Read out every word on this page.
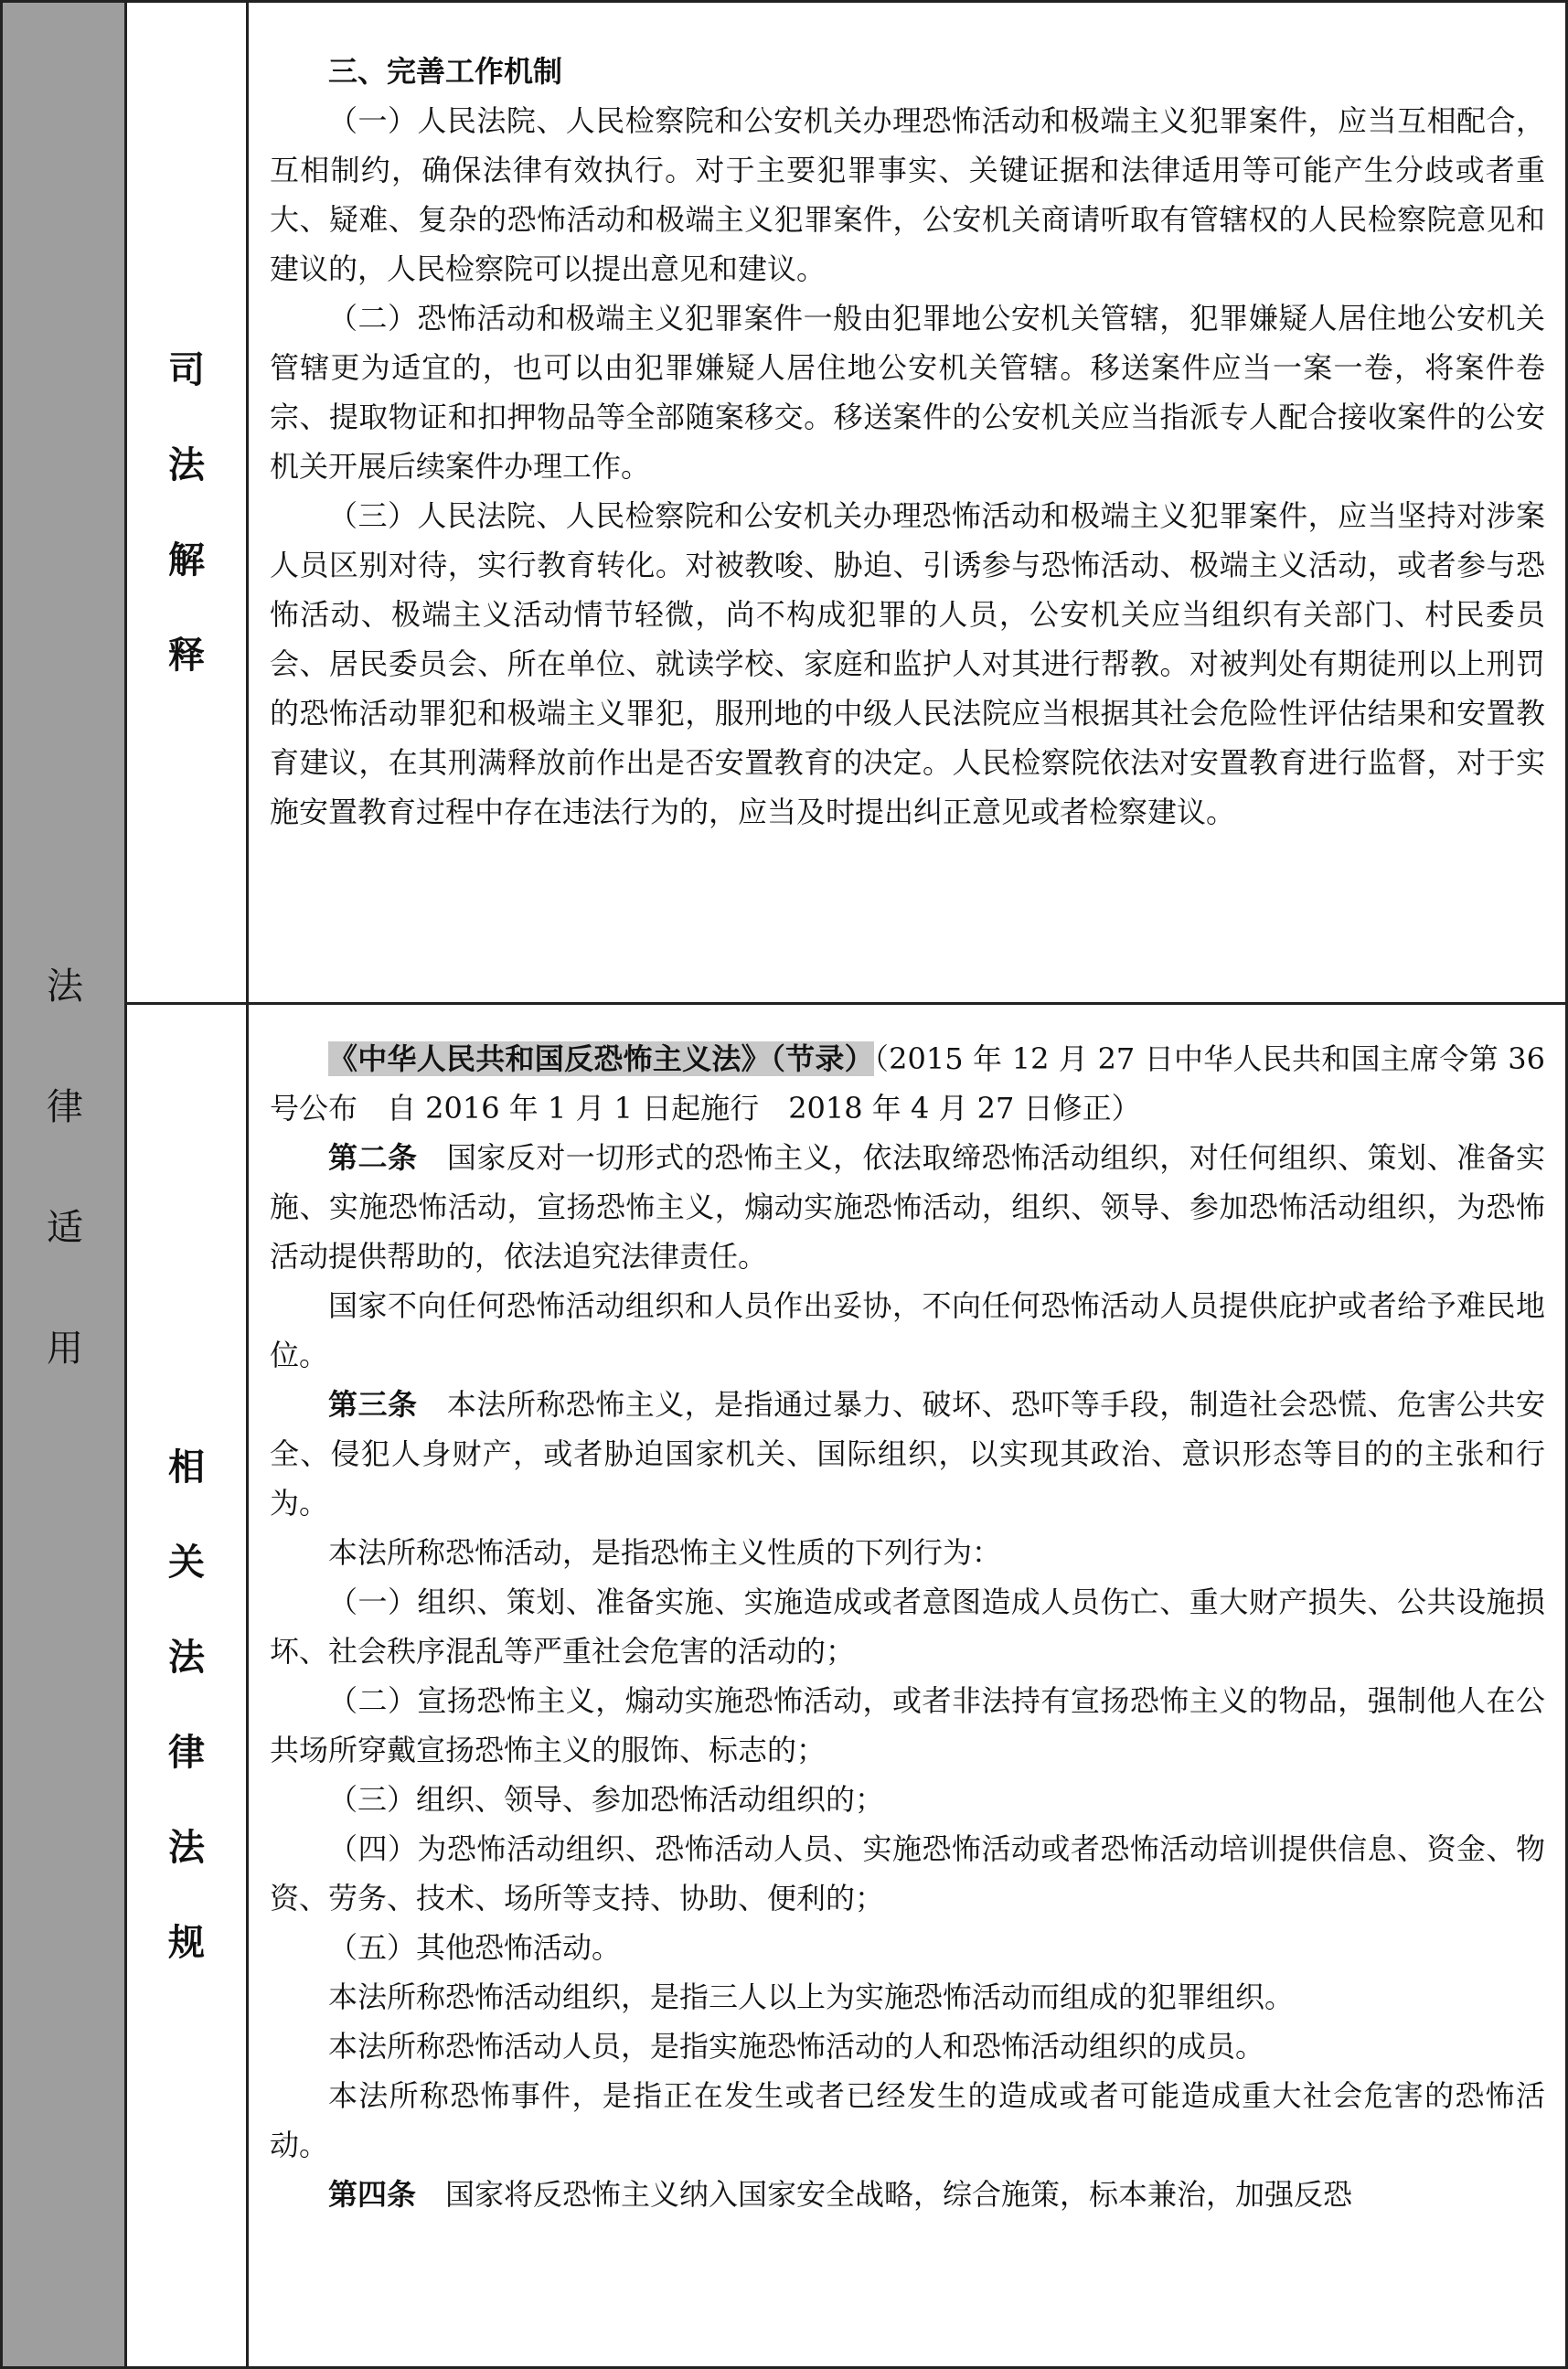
法
律
适
用
司
法
解
释
相
关
法
律
法
规

三、完善工作机制

（一）人民法院、人民检察院和公安机关办理恐怖活动和极端主义犯罪案件，应当互相配合，互相制约，确保法律有效执行。对于主要犯罪事实、关键证据和法律适用等可能产生分歧或者重大、疑难、复杂的恐怖活动和极端主义犯罪案件，公安机关商请听取有管辖权的人民检察院意见和建议的，人民检察院可以提出意见和建议。

（二）恐怖活动和极端主义犯罪案件一般由犯罪地公安机关管辖，犯罪嫌疑人居住地公安机关管辖更为适宜的，也可以由犯罪嫌疑人居住地公安机关管辖。移送案件应当一案一卷，将案件卷宗、提取物证和扣押物品等全部随案移交。移送案件的公安机关应当指派专人配合接收案件的公安机关开展后续案件办理工作。

（三）人民法院、人民检察院和公安机关办理恐怖活动和极端主义犯罪案件，应当坚持对涉案人员区别对待，实行教育转化。对被教唆、胁迫、引诱参与恐怖活动、极端主义活动，或者参与恐怖活动、极端主义活动情节轻微，尚不构成犯罪的人员，公安机关应当组织有关部门、村民委员会、居民委员会、所在单位、就读学校、家庭和监护人对其进行帮教。对被判处有期徒刑以上刑罚的恐怖活动罪犯和极端主义罪犯，服刑地的中级人民法院应当根据其社会危险性评估结果和安置教育建议，在其刑满释放前作出是否安置教育的决定。人民检察院依法对安置教育进行监督，对于实施安置教育过程中存在违法行为的，应当及时提出纠正意见或者检察建议。

《中华人民共和国反恐怖主义法》（节录）（2015 年 12 月 27 日中华人民共和国主席令第 36 号公布　自 2016 年 1 月 1 日起施行　2018 年 4 月 27 日修正）

第二条 国家反对一切形式的恐怖主义，依法取缔恐怖活动组织，对任何组织、策划、准备实施、实施恐怖活动，宣扬恐怖主义，煽动实施恐怖活动，组织、领导、参加恐怖活动组织，为恐怖活动提供帮助的，依法追究法律责任。

国家不向任何恐怖活动组织和人员作出妥协，不向任何恐怖活动人员提供庇护或者给予难民地位。

第三条 本法所称恐怖主义，是指通过暴力、破坏、恐吓等手段，制造社会恐慌、危害公共安全、侵犯人身财产，或者胁迫国家机关、国际组织，以实现其政治、意识形态等目的的主张和行为。

本法所称恐怖活动，是指恐怖主义性质的下列行为：

（一）组织、策划、准备实施、实施造成或者意图造成人员伤亡、重大财产损失、公共设施损坏、社会秩序混乱等严重社会危害的活动的；

（二）宣扬恐怖主义，煽动实施恐怖活动，或者非法持有宣扬恐怖主义的物品，强制他人在公共场所穿戴宣扬恐怖主义的服饰、标志的；

（三）组织、领导、参加恐怖活动组织的；

（四）为恐怖活动组织、恐怖活动人员、实施恐怖活动或者恐怖活动培训提供信息、资金、物资、劳务、技术、场所等支持、协助、便利的；

（五）其他恐怖活动。

本法所称恐怖活动组织，是指三人以上为实施恐怖活动而组成的犯罪组织。

本法所称恐怖活动人员，是指实施恐怖活动的人和恐怖活动组织的成员。

本法所称恐怖事件，是指正在发生或者已经发生的造成或者可能造成重大社会危害的恐怖活动。

第四条 国家将反恐怖主义纳入国家安全战略，综合施策，标本兼治，加强反恐
